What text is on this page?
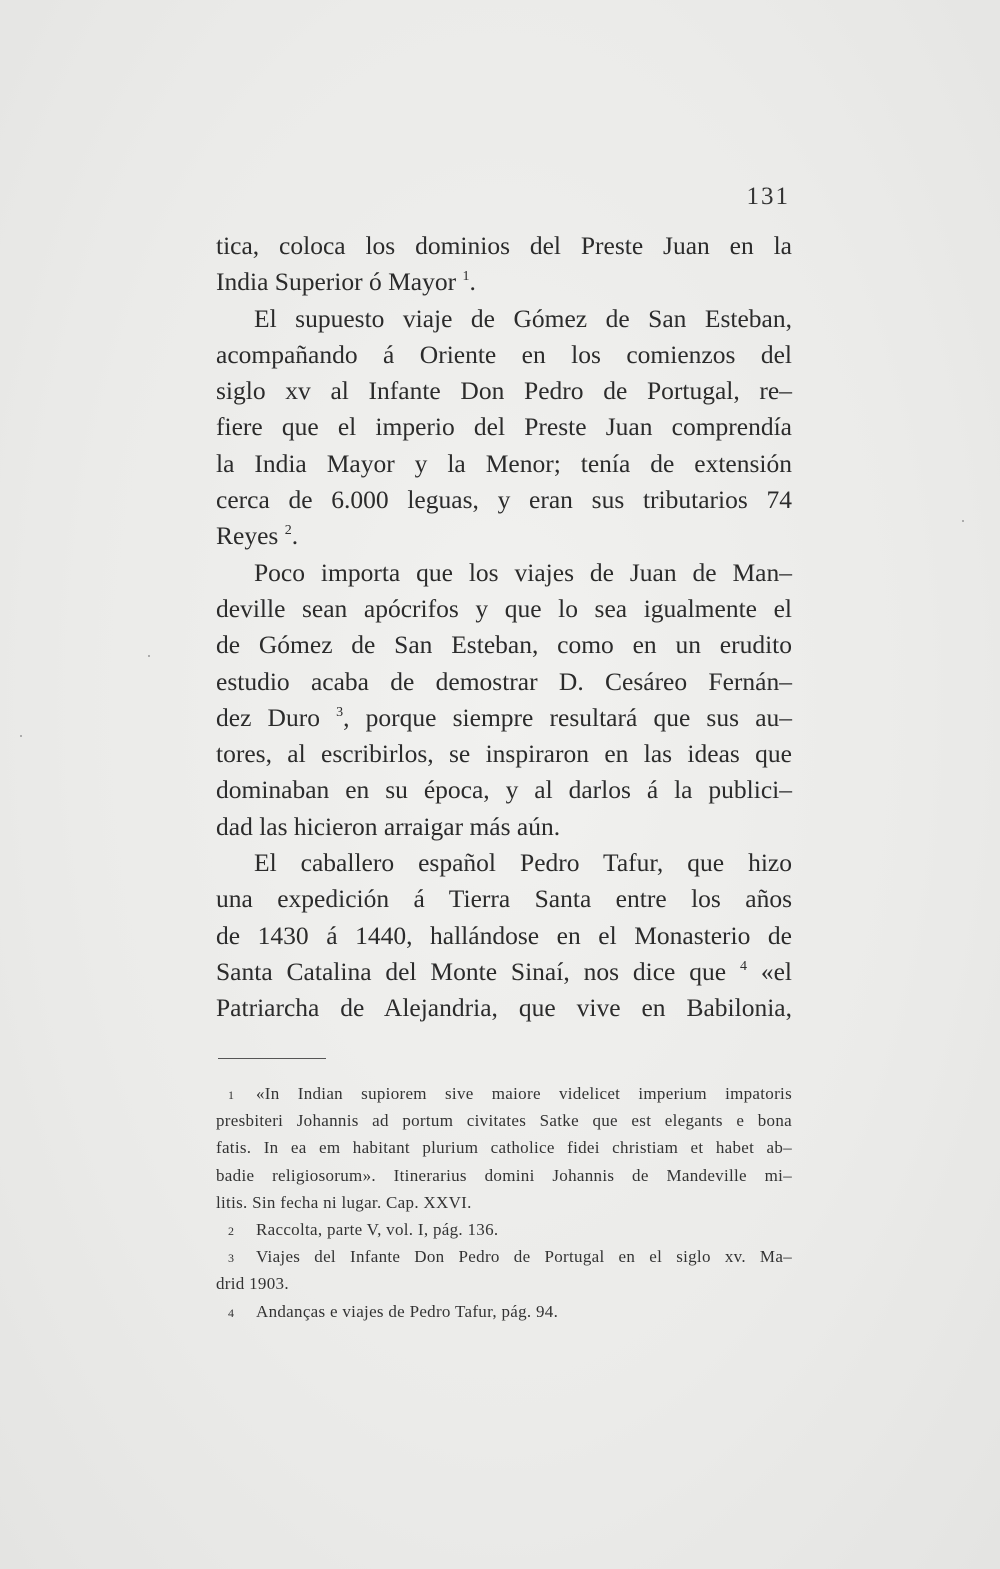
131
tica, coloca los dominios del Preste Juan en la
India Superior ó Mayor $^1$.
El supuesto viaje de Gómez de San Esteban,
acompañando á Oriente en los comienzos del
siglo xv al Infante Don Pedro de Portugal, re–
fiere que el imperio del Preste Juan comprendía
la India Mayor y la Menor; tenía de extensión
cerca de 6.000 leguas, y eran sus tributarios 74
Reyes $^2$.
Poco importa que los viajes de Juan de Man–
deville sean apócrifos y que lo sea igualmente el
de Gómez de San Esteban, como en un erudito
estudio acaba de demostrar D. Cesáreo Fernán–
dez Duro $^3$, porque siempre resultará que sus au–
tores, al escribirlos, se inspiraron en las ideas que
dominaban en su época, y al darlos á la publici–
dad las hicieron arraigar más aún.
El caballero español Pedro Tafur, que hizo
una expedición á Tierra Santa entre los años
de 1430 á 1440, hallándose en el Monasterio de
Santa Catalina del Monte Sinaí, nos dice que $^4$ «el
Patriarcha de Alejandria, que vive en Babilonia,
1 «In Indian supiorem sive maiore videlicet imperium impatoris
presbiteri Johannis ad portum civitates Satke que est elegants e bona
fatis. In ea em habitant plurium catholice fidei christiam et habet ab–
badie religiosorum». Itinerarius domini Johannis de Mandeville mi–
litis. Sin fecha ni lugar. Cap. XXVI.
2 Raccolta, parte V, vol. I, pág. 136.
3 Viajes del Infante Don Pedro de Portugal en el siglo xv. Ma–
drid 1903.
4 Andanças e viajes de Pedro Tafur, pág. 94.
